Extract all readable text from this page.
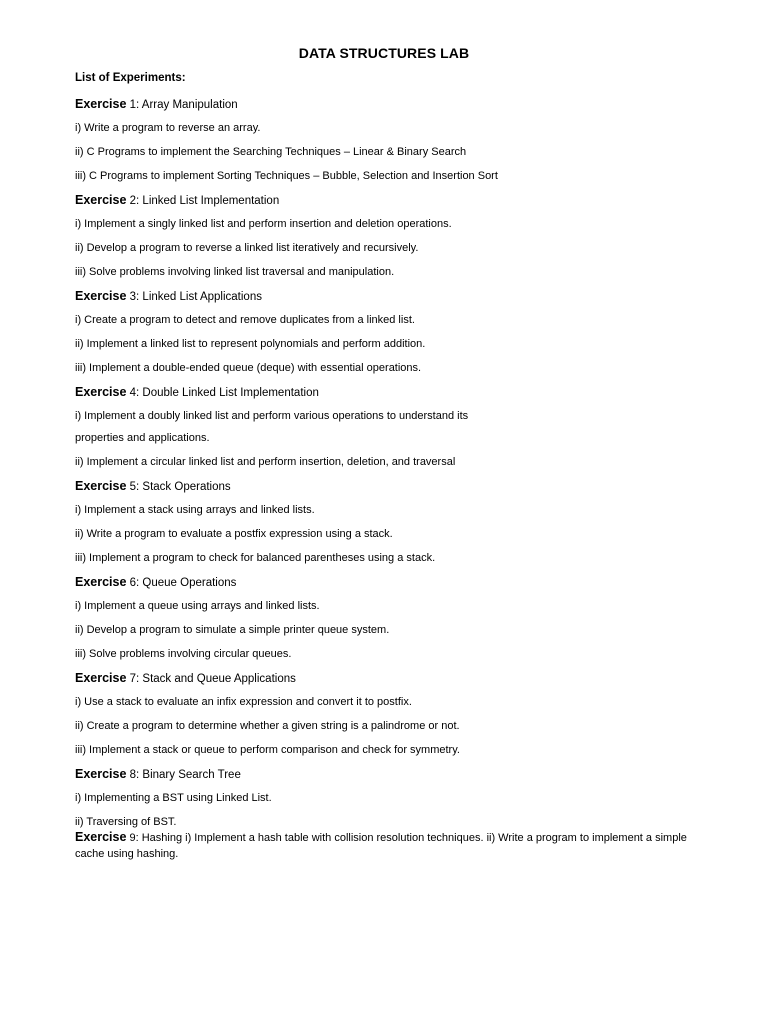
DATA STRUCTURES LAB
List of Experiments:
Exercise 1: Array Manipulation
i) Write a program to reverse an array.
ii) C Programs to implement the Searching Techniques – Linear & Binary Search
iii) C Programs to implement Sorting Techniques – Bubble, Selection and Insertion Sort
Exercise 2: Linked List Implementation
i) Implement a singly linked list and perform insertion and deletion operations.
ii) Develop a program to reverse a linked list iteratively and recursively.
iii) Solve problems involving linked list traversal and manipulation.
Exercise 3: Linked List Applications
i) Create a program to detect and remove duplicates from a linked list.
ii) Implement a linked list to represent polynomials and perform addition.
iii) Implement a double-ended queue (deque) with essential operations.
Exercise 4: Double Linked List Implementation
i) Implement a doubly linked list and perform various operations to understand its
properties and applications.
ii) Implement a circular linked list and perform insertion, deletion, and traversal
Exercise 5: Stack Operations
i) Implement a stack using arrays and linked lists.
ii) Write a program to evaluate a postfix expression using a stack.
iii) Implement a program to check for balanced parentheses using a stack.
Exercise 6: Queue Operations
i) Implement a queue using arrays and linked lists.
ii) Develop a program to simulate a simple printer queue system.
iii) Solve problems involving circular queues.
Exercise 7: Stack and Queue Applications
i) Use a stack to evaluate an infix expression and convert it to postfix.
ii) Create a program to determine whether a given string is a palindrome or not.
iii) Implement a stack or queue to perform comparison and check for symmetry.
Exercise 8: Binary Search Tree
i) Implementing a BST using Linked List.
ii) Traversing of BST.
Exercise 9: Hashing i) Implement a hash table with collision resolution techniques. ii) Write a program to implement a simple cache using hashing.
